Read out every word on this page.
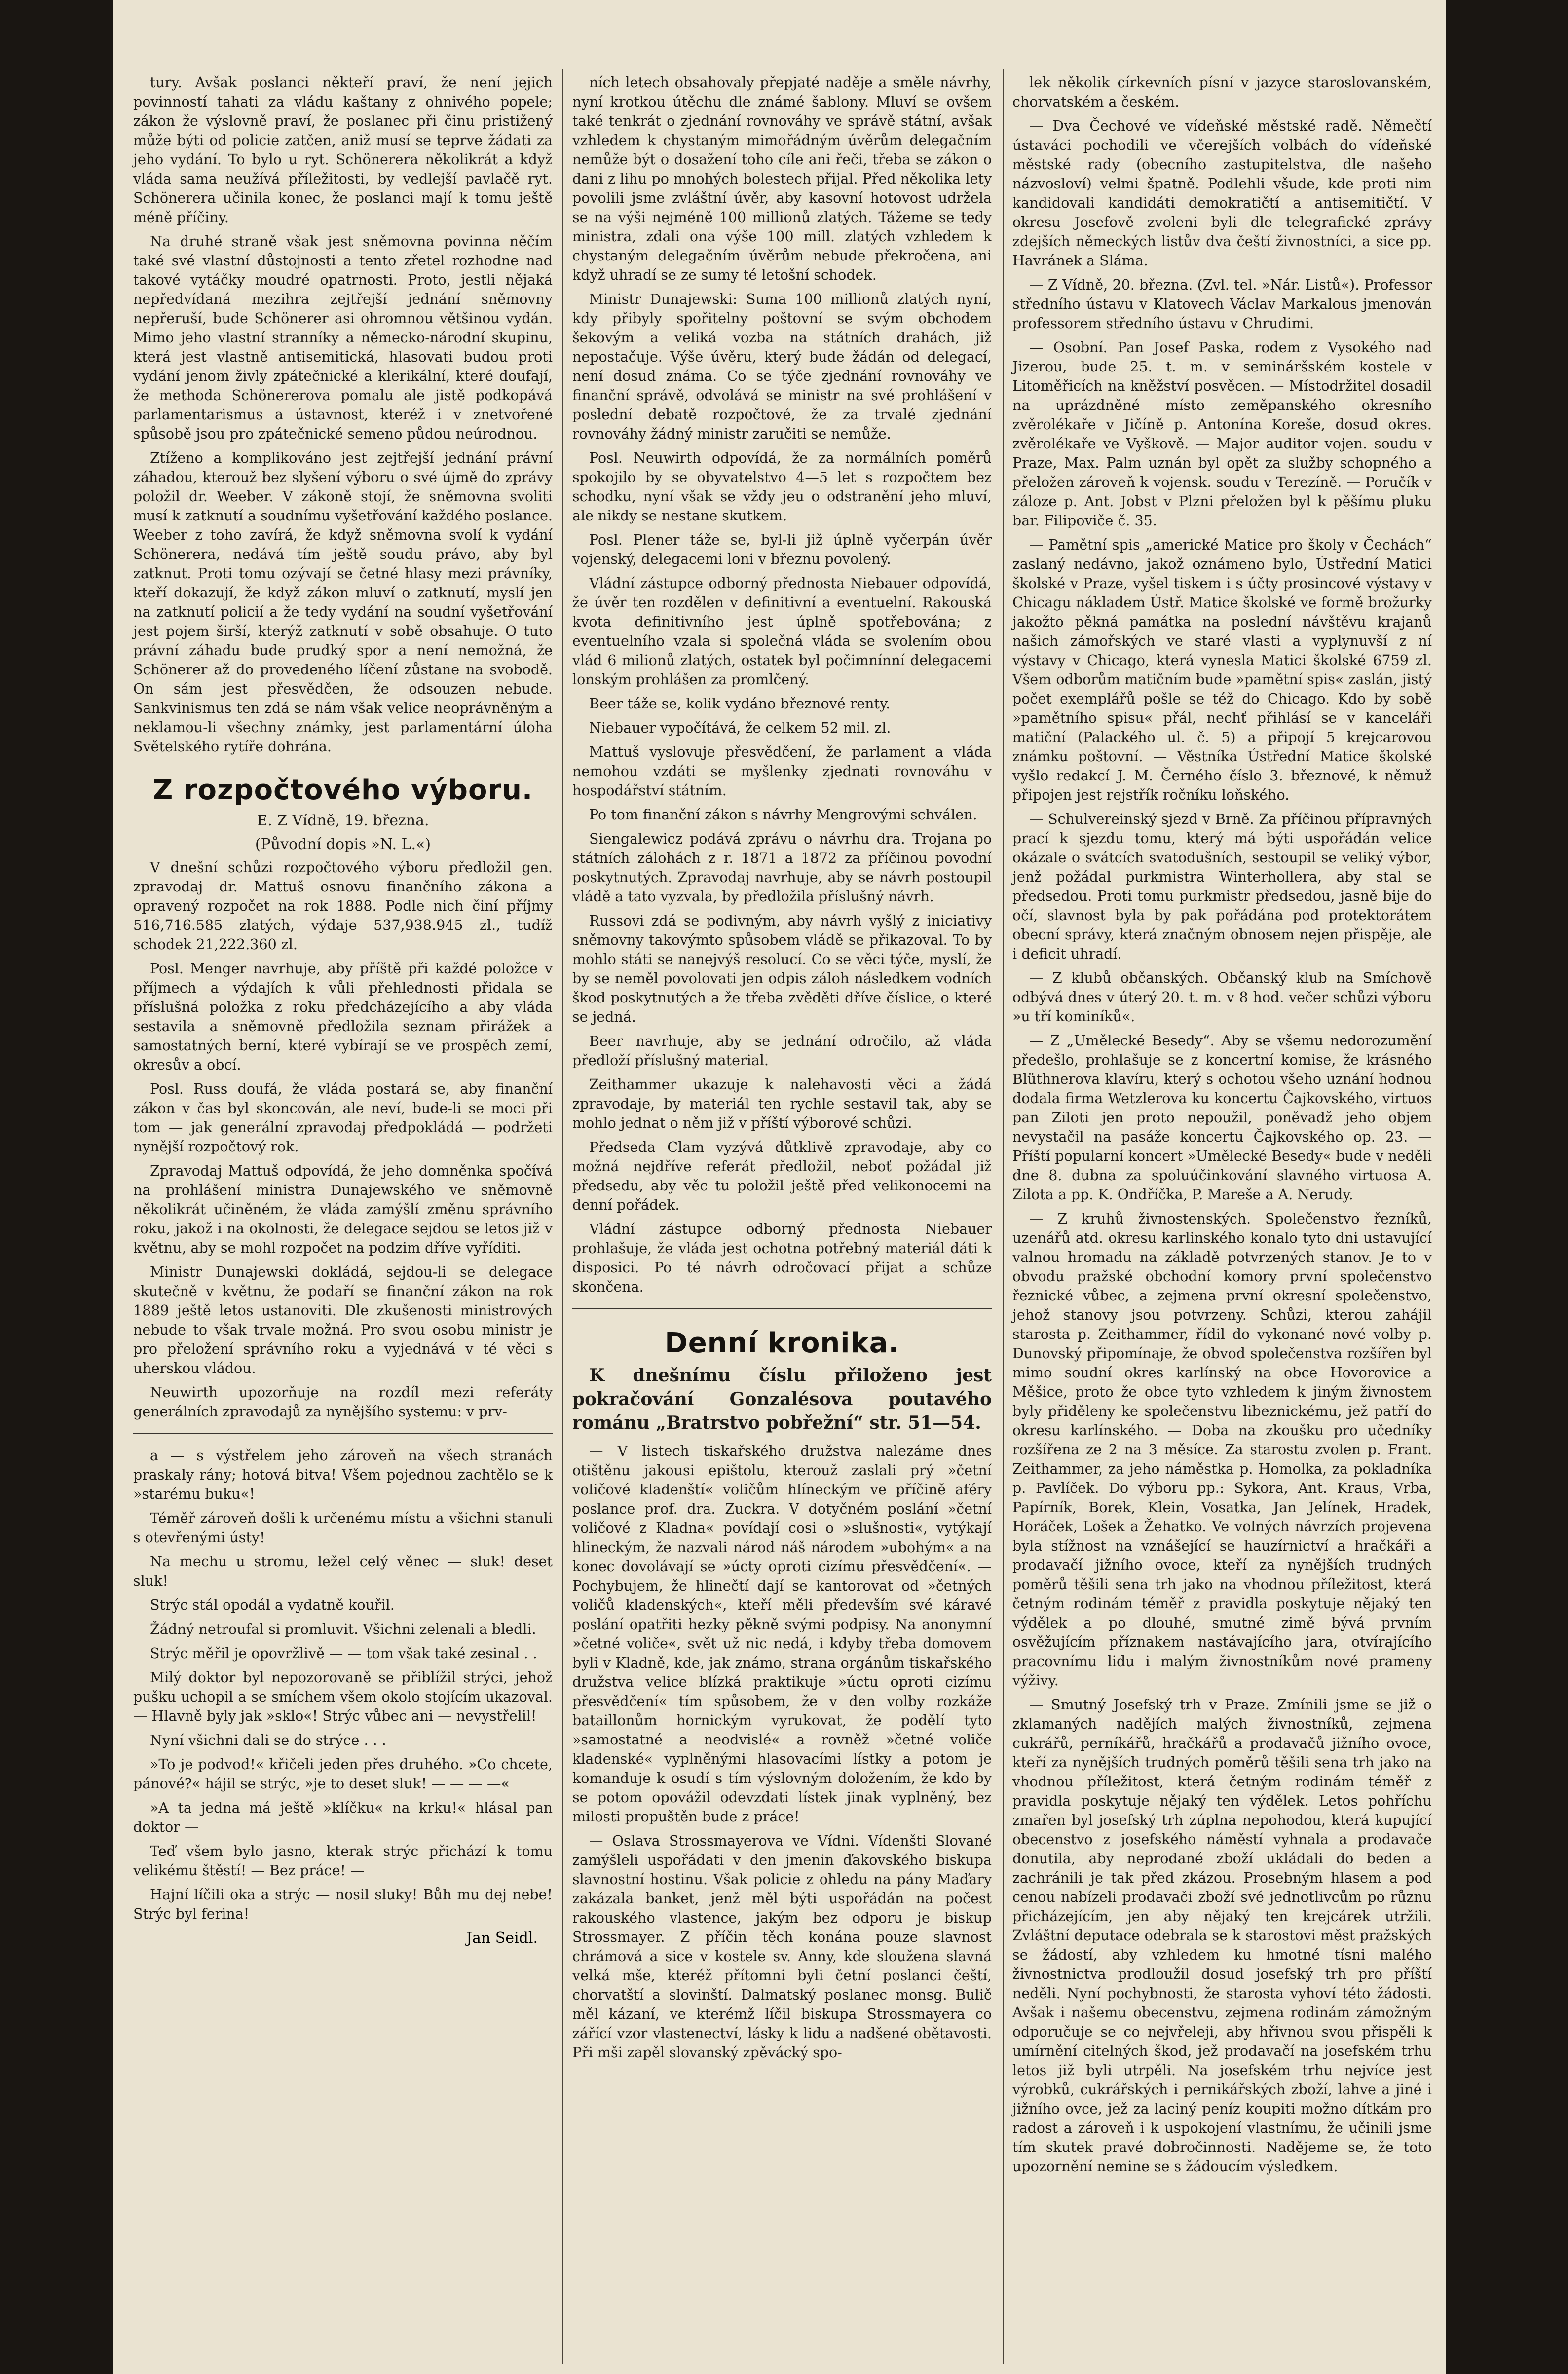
tury. Avšak poslanci někteří praví, že není jejich povinností tahati za vládu kaštany z ohnivého popele; zákon že výslovně praví, že poslanec při činu pristižený může býti od policie zatčen, aniž musí se teprve žádati za jeho vydání. To bylo u ryt. Schönerera několikrát a když vláda sama neužívá příležitosti, by vedlejší pavlačě ryt. Schönerera učinila konec, že poslanci mají k tomu ještě méně příčiny.

Na druhé straně však jest sněmovna povinna něčím také své vlastní důstojnosti a tento zřetel rozhodne nad takové vytáčky moudré opatrnosti. Proto, jestli nějaká nepředvídaná mezihra zejtřejší jednání sněmovny nepřeruší, bude Schönerer asi ohromnou většinou vydán. Mimo jeho vlastní stranníky a německo-národní skupinu, která jest vlastně antisemitická, hlasovati budou proti vydání jenom živly zpátečnické a klerikální, které doufají, že methoda Schönererova pomalu ale jistě podkopává parlamentarismus a ústavnost, kteréž i v znetvořené spůsobě jsou pro zpátečnické semeno půdou neúrodnou.

Ztíženo a komplikováno jest zejtřejší jednání právní záhadou, kterouž bez slyšení výboru o své újmě do zprávy položil dr. Weeber. V zákoně stojí, že sněmovna svoliti musí k zatknutí a soudnímu vyšetřování každého poslance. Weeber z toho zavírá, že když sněmovna svolí k vydání Schönerera, nedává tím ještě soudu právo, aby byl zatknut. Proti tomu ozývají se četné hlasy mezi právníky, kteří dokazují, že když zákon mluví o zatknutí, myslí jen na zatknutí policií a že tedy vydání na soudní vyšetřování jest pojem širší, kterýž zatknutí v sobě obsahuje. O tuto právní záhadu bude prudký spor a není nemožná, že Schönerer až do provedeného líčení zůstane na svobodě. On sám jest přesvědčen, že odsouzen nebude. Sankvinismus ten zdá se nám však velice neoprávněným a neklamou-li všechny známky, jest parlamentární úloha Světelského rytíře dohrána.

Z rozpočtového výboru.

E. Z Vídně, 19. března.

(Původní dopis »N. L.«)

V dnešní schůzi rozpočtového výboru předložil gen. zpravodaj dr. Mattuš osnovu finančního zákona a opravený rozpočet na rok 1888. Podle nich činí příjmy 516,716.585 zlatých, výdaje 537,938.945 zl., tudíž schodek 21,222.360 zl.

Posl. Menger navrhuje, aby příště při každé položce v příjmech a výdajích k vůli přehlednosti přidala se příslušná položka z roku předcházejícího a aby vláda sestavila a sněmovně předložila seznam přirážek a samostatných berní, které vybírají se ve prospěch zemí, okresův a obcí.

Posl. Russ doufá, že vláda postará se, aby finanční zákon v čas byl skoncován, ale neví, bude-li se moci při tom — jak generální zpravodaj předpokládá — podržeti nynější rozpočtový rok.

Zpravodaj Mattuš odpovídá, že jeho domněnka spočívá na prohlášení ministra Dunajewského ve sněmovně několikrát učiněném, že vláda zamýšlí změnu správního roku, jakož i na okolnosti, že delegace sejdou se letos již v květnu, aby se mohl rozpočet na podzim dříve vyříditi.

Ministr Dunajewski dokládá, sejdou-li se delegace skutečně v květnu, že podaří se finanční zákon na rok 1889 ještě letos ustanoviti. Dle zkušenosti ministrových nebude to však trvale možná. Pro svou osobu ministr je pro přeložení správního roku a vyjednává v té věci s uherskou vládou.

Neuwirth upozorňuje na rozdíl mezi referáty generálních zpravodajů za nynějšího systemu: v prv-

a — s výstřelem jeho zároveň na všech stranách praskaly rány; hotová bitva! Všem pojednou zachtělo se k »starému buku«!

Téměř zároveň došli k určenému místu a všichni stanuli s otevřenými ústy!

Na mechu u stromu, ležel celý věnec — sluk! deset sluk!

Strýc stál opodál a vydatně kouřil.

Žádný netroufal si promluvit. Všichni zelenali a bledli.

Strýc měřil je opovržlivě — — tom však také zesinal . .

Milý doktor byl nepozorovaně se přiblížil strýci, jehož pušku uchopil a se smíchem všem okolo stojícím ukazoval. — Hlavně byly jak »sklo«! Strýc vůbec ani — nevystřelil!

Nyní všichni dali se do strýce . . .

»To je podvod!« křičeli jeden přes druhého. »Co chcete, pánové?« hájil se strýc, »je to deset sluk! — — — —«

»A ta jedna má ještě »klíčku« na krku!« hlásal pan doktor —

Teď všem bylo jasno, kterak strýc přichází k tomu velikému štěstí! — Bez práce! —

Hajní líčili oka a strýc — nosil sluky! Bůh mu dej nebe! Strýc byl ferina!

Jan Seidl.

ních letech obsahovaly přepjaté naděje a směle návrhy, nyní krotkou útěchu dle známé šablony. Mluví se ovšem také tenkrát o zjednání rovnováhy ve správě státní, avšak vzhledem k chystaným mimořádným úvěrům delegačním nemůže být o dosažení toho cíle ani řeči, třeba se zákon o dani z lihu po mnohých bolestech přijal. Před několika lety povolili jsme zvláštní úvěr, aby kasovní hotovost udržela se na výši nejméně 100 millionů zlatých. Tážeme se tedy ministra, zdali ona výše 100 mill. zlatých vzhledem k chystaným delegačním úvěrům nebude překročena, ani když uhradí se ze sumy té letošní schodek.

Ministr Dunajewski: Suma 100 millionů zlatých nyní, kdy přibyly spořitelny poštovní se svým obchodem šekovým a veliká vozba na státních drahách, již nepostačuje. Výše úvěru, který bude žádán od delegací, není dosud známa. Co se týče zjednání rovnováhy ve finanční správě, odvolává se ministr na své prohlášení v poslední debatě rozpočtové, že za trvalé zjednání rovnováhy žádný ministr zaručiti se nemůže.

Posl. Neuwirth odpovídá, že za normálních poměrů spokojilo by se obyvatelstvo 4—5 let s rozpočtem bez schodku, nyní však se vždy jeu o odstranění jeho mluví, ale nikdy se nestane skutkem.

Posl. Plener táže se, byl-li již úplně vyčerpán úvěr vojenský, delegacemi loni v březnu povolený.

Vládní zástupce odborný přednosta Niebauer odpovídá, že úvěr ten rozdělen v definitivní a eventuelní. Rakouská kvota definitivního jest úplně spotřebována; z eventuelního vzala si společná vláda se svolením obou vlád 6 milionů zlatých, ostatek byl počimnínní delegacemi lonským prohlášen za promlčený.

Beer táže se, kolik vydáno březnové renty.

Niebauer vypočítává, že celkem 52 mil. zl.

Mattuš vyslovuje přesvědčení, že parlament a vláda nemohou vzdáti se myšlenky zjednati rovnováhu v hospodářství státním.

Po tom finanční zákon s návrhy Mengrovými schválen.

Siengalewicz podává zprávu o návrhu dra. Trojana po státních zálohách z r. 1871 a 1872 za příčinou povodní poskytnutých. Zpravodaj navrhuje, aby se návrh postoupil vládě a tato vyzvala, by předložila příslušný návrh.

Russovi zdá se podivným, aby návrh vyšlý z iniciativy sněmovny takovýmto spůsobem vládě se přikazoval. To by mohlo státi se nanejvýš resolucí. Co se věci týče, myslí, že by se neměl povolovati jen odpis záloh následkem vodních škod poskytnutých a že třeba zvěděti dříve číslice, o které se jedná.

Beer navrhuje, aby se jednání odročilo, až vláda předloží příslušný material.

Zeithammer ukazuje k nalehavosti věci a žádá zpravodaje, by materiál ten rychle sestavil tak, aby se mohlo jednat o něm již v příští výborové schůzi.

Předseda Clam vyzývá důtklivě zpravodaje, aby co možná nejdříve referát předložil, neboť požádal již předsedu, aby věc tu položil ještě před velikonocemi na denní pořádek.

Vládní zástupce odborný přednosta Niebauer prohlašuje, že vláda jest ochotna potřebný materiál dáti k disposici. Po té návrh odročovací přijat a schůze skončena.

Denní kronika.

K dnešnímu číslu přiloženo jest pokračování Gonzalésova poutavého románu „Bratrstvo pobřežní“ str. 51—54.

— V listech tiskařského družstva nalezáme dnes otištěnu jakousi epištolu, kterouž zaslali prý »četní voličové kladenští« voličům hlíneckým ve příčině aféry poslance prof. dra. Zuckra. V dotyčném poslání »četní voličové z Kladna« povídají cosi o »slušnosti«, vytýkají hlineckým, že nazvali národ náš národem »ubohým« a na konec dovolávají se »úcty oproti cizímu přesvědčení«. — Pochybujem, že hlinečtí dají se kantorovat od »četných voličů kladenských«, kteří měli především své káravé poslání opatřiti hezky pěkně svými podpisy. Na anonymní »četné voliče«, svět už nic nedá, i kdyby třeba domovem byli v Kladně, kde, jak známo, strana orgánům tiskařského družstva velice blízká praktikuje »úctu oproti cizímu přesvědčení« tím spůsobem, že v den volby rozkáže bataillonům hornickým vyrukovat, že podělí tyto »samostatné a neodvislé« a rovněž »četné voliče kladenské« vyplněnými hlasovacími lístky a potom je komanduje k osudí s tím výslovným doložením, že kdo by se potom opovážil odevzdati lístek jinak vyplněný, bez milosti propuštěn bude z práce!

— Oslava Strossmayerova ve Vídni. Vídenšti Slované zamýšleli uspořádati v den jmenin ďakovského biskupa slavnostní hostinu. Však policie z ohledu na pány Maďary zakázala banket, jenž měl býti uspořádán na počest rakouského vlastence, jakým bez odporu je biskup Strossmayer. Z příčin těch konána pouze slavnost chrámová a sice v kostele sv. Anny, kde sloužena slavná velká mše, kteréž přítomni byli četní poslanci čeští, chorvatští a slovinští. Dalmatský poslanec monsg. Bulič měl kázaní, ve kterémž líčil biskupa Strossmayera co zářící vzor vlastenectví, lásky k lidu a nadšené obětavosti. Při mši zapěl slovanský zpěvácký spo-

lek několik církevních písní v jazyce staroslovanském, chorvatském a českém.

— Dva Čechové ve vídeňské městské radě. Němečtí ústaváci pochodili ve včerejších volbách do vídeňské městské rady (obecního zastupitelstva, dle našeho názvosloví) velmi špatně. Podlehli všude, kde proti nim kandidovali kandidáti demokratičtí a antisemitičtí. V okresu Josefově zvoleni byli dle telegrafické zprávy zdejších německých listův dva čeští živnostníci, a sice pp. Havránek a Sláma.

— Z Vídně, 20. března. (Zvl. tel. »Nár. Listů«). Professor středního ústavu v Klatovech Václav Markalous jmenován professorem středního ústavu v Chrudimi.

— Osobní. Pan Josef Paska, rodem z Vysokého nad Jizerou, bude 25. t. m. v semináršském kostele v Litoměřicích na kněžství posvěcen. — Místodržitel dosadil na uprázdněné místo zeměpanského okresního zvěrolékaře v Jičíně p. Antonína Koreše, dosud okres. zvěrolékaře ve Vyškově. — Major auditor vojen. soudu v Praze, Max. Palm uznán byl opět za služby schopného a přeložen zároveň k vojensk. soudu v Terezíně. — Poručík v záloze p. Ant. Jobst v Plzni přeložen byl k pěšímu pluku bar. Filipoviče č. 35.

— Pamětní spis „americké Matice pro školy v Čechách“ zaslaný nedávno, jakož oznámeno bylo, Ústřední Matici školské v Praze, vyšel tiskem i s účty prosincové výstavy v Chicagu nákladem Ústř. Matice školské ve formě brožurky jakožto pěkná památka na poslední návštěvu krajanů našich zámořských ve staré vlasti a vyplynuvší z ní výstavy v Chicago, která vynesla Matici školské 6759 zl. Všem odborům matičním bude »pamětní spis« zaslán, jistý počet exemplářů pošle se též do Chicago. Kdo by sobě »pamětního spisu« přál, nechť přihlásí se v kanceláři matiční (Palackého ul. č. 5) a připojí 5 krejcarovou známku poštovní. — Věstníka Ústřední Matice školské vyšlo redakcí J. M. Černého číslo 3. březnové, k němuž připojen jest rejstřík ročníku loňského.

— Schulvereinský sjezd v Brně. Za příčinou přípravných prací k sjezdu tomu, který má býti uspořádán velice okázale o svátcích svatodušních, sestoupil se veliký výbor, jenž požádal purkmistra Winterhollera, aby stal se předsedou. Proti tomu purkmistr předsedou, jasně bije do očí, slavnost byla by pak pořádána pod protektorátem obecní správy, která značným obnosem nejen přispěje, ale i deficit uhradí.

— Z klubů občanských. Občanský klub na Smíchově odbývá dnes v úterý 20. t. m. v 8 hod. večer schůzi výboru »u tří kominíků«.

— Z „Umělecké Besedy“. Aby se všemu nedorozumění předešlo, prohlašuje se z koncertní komise, že krásného Blüthnerova klavíru, který s ochotou všeho uznání hodnou dodala firma Wetzlerova ku koncertu Čajkovského, virtuos pan Ziloti jen proto nepoužil, poněvadž jeho objem nevystačil na pasáže koncertu Čajkovského op. 23. — Příští popularní koncert »Umělecké Besedy« bude v neděli dne 8. dubna za spoluúčinkování slavného virtuosa A. Zilota a pp. K. Ondříčka, P. Mareše a A. Nerudy.

— Z kruhů živnostenských. Společenstvo řezníků, uzenářů atd. okresu karlinského konalo tyto dni ustavující valnou hromadu na základě potvrzených stanov. Je to v obvodu pražské obchodní komory první společenstvo řeznické vůbec, a zejmena první okresní společenstvo, jehož stanovy jsou potvrzeny. Schůzi, kterou zahájil starosta p. Zeithammer, řídil do vykonané nové volby p. Dunovský připomínaje, že obvod společenstva rozšířen byl mimo soudní okres karlínský na obce Hovorovice a Měšice, proto že obce tyto vzhledem k jiným živnostem byly přiděleny ke společenstvu libeznickému, jež patří do okresu karlínského. — Doba na zkoušku pro učedníky rozšířena ze 2 na 3 měsíce. Za starostu zvolen p. Frant. Zeithammer, za jeho náměstka p. Homolka, za pokladníka p. Pavlíček. Do výboru pp.: Sykora, Ant. Kraus, Vrba, Papírník, Borek, Klein, Vosatka, Jan Jelínek, Hradek, Horáček, Lošek a Žehatko. Ve volných návrzích projevena byla stížnost na vznášející se hauzírnictví a hračkáři a prodavačí jižního ovoce, kteří za nynějších trudných poměrů těšili sena trh jako na vhodnou příležitost, která četným rodinám téměř z pravidla poskytuje nějaký ten výdělek a po dlouhé, smutné zimě bývá prvním osvěžujícím příznakem nastávajícího jara, otvírajícího pracovnímu lidu i malým živnostníkům nové prameny výživy.

— Smutný Josefský trh v Praze. Zmínili jsme se již o zklamaných nadějích malých živnostníků, zejmena cukrářů, perníkářů, hračkářů a prodavačů jižního ovoce, kteří za nynějších trudných poměrů těšili sena trh jako na vhodnou příležitost, která četným rodinám téměř z pravidla poskytuje nějaký ten výdělek. Letos pohříchu zmařen byl josefský trh zúplna nepohodou, která kupující obecenstvo z josefského náměstí vyhnala a prodavače donutila, aby neprodané zboží ukládali do beden a zachránili je tak před zkázou. Prosebným hlasem a pod cenou nabízeli prodavači zboží své jednotlivcům po různu přicházejícím, jen aby nějaký ten krejcárek utržili. Zvláštní deputace odebrala se k starostovi měst pražských se žádostí, aby vzhledem ku hmotné tísni malého živnostnictva prodloužil dosud josefský trh pro příští neděli. Nyní pochybnosti, že starosta vyhoví této žádosti. Avšak i našemu obecenstvu, zejmena rodinám zámožným odporučuje se co nejvřeleji, aby hřivnou svou přispěli k umírnění citelných škod, jež prodavačí na josefském trhu letos již byli utrpěli. Na josefském trhu nejvíce jest výrobků, cukrářských i pernikářských zboží, lahve a jiné i jižního ovce, jež za laciný peníz koupiti možno dítkám pro radost a zároveň i k uspokojení vlastnímu, že učinili jsme tím skutek pravé dobročinnosti. Nadějeme se, že toto upozornění nemine se s žádoucím výsledkem.
